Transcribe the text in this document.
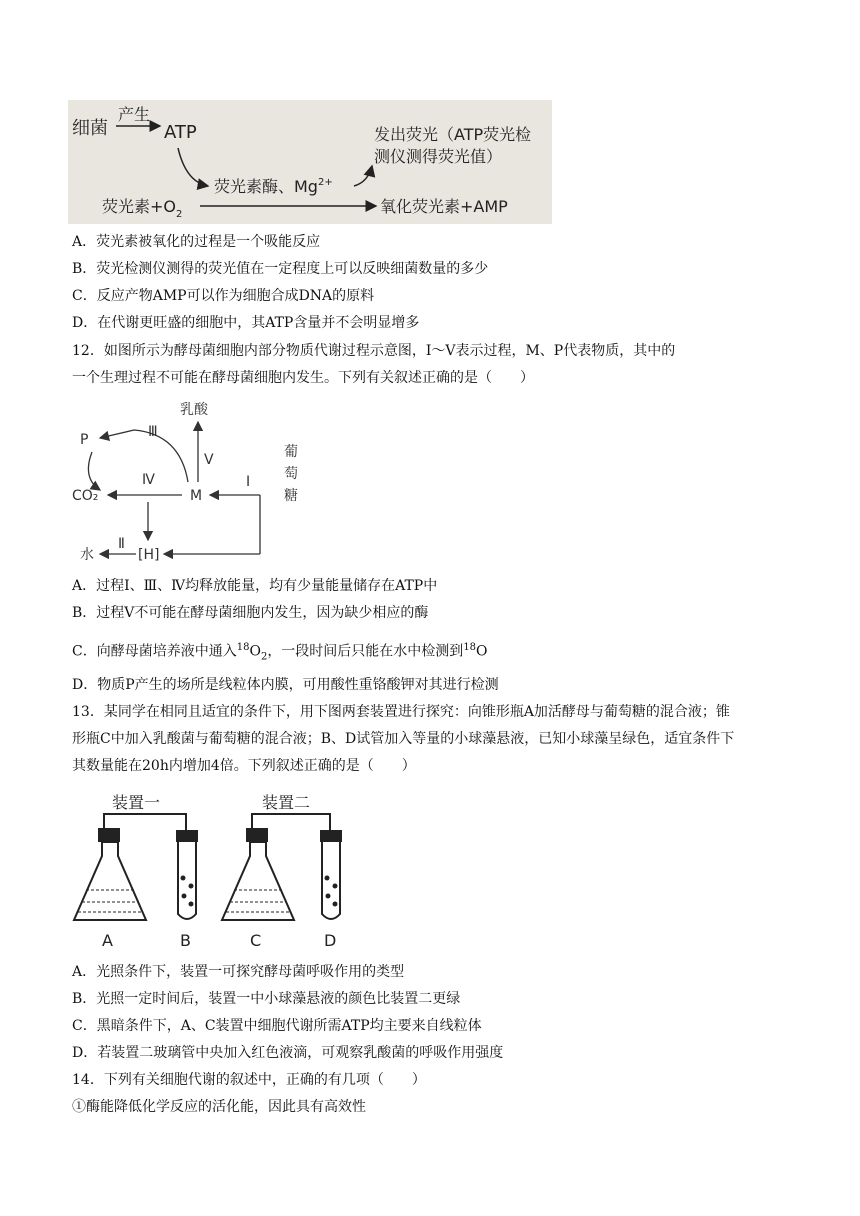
细菌
产生
ATP
荧光素酶、$Mg^{2+}$
发出荧光（ATP荧光检
测仪测得荧光值）
荧光素$+O_2$	氧化荧光素+AMP
A．荧光素被氧化的过程是一个吸能反应
B．荧光检测仪测得的荧光值在一定程度上可以反映细菌数量的多少
C．反应产物AMP可以作为细胞合成DNA的原料
D．在代谢更旺盛的细胞中，其ATP含量并不会明显增多
12．如图所示为酵母菌细胞内部分物质代谢过程示意图，Ⅰ～Ⅴ表示过程，M、P代表物质，其中的
一个生理过程不可能在酵母菌细胞内发生。下列有关叙述正确的是（　　）
乳酸
P	Ⅲ
Ⅴ
Ⅳ
CO₂	M
Ⅰ
葡
萄
糖
Ⅱ
[H]
水
A．过程Ⅰ、Ⅲ、Ⅳ均释放能量，均有少量能量储存在ATP中
B．过程Ⅴ不可能在酵母菌细胞内发生，因为缺少相应的酶
C．向酵母菌培养液中通入$^{18}O_2$，一段时间后只能在水中检测到$^{18}$O
D．物质P产生的场所是线粒体内膜，可用酸性重铬酸钾对其进行检测
13．某同学在相同且适宜的条件下，用下图两套装置进行探究：向锥形瓶A加活酵母与葡萄糖的混合液；锥
形瓶C中加入乳酸菌与葡萄糖的混合液；B、D试管加入等量的小球藻悬液，已知小球藻呈绿色，适宜条件下
其数量能在20h内增加4倍。下列叙述正确的是（　　）
装置一
A	B
装置二
C	D
A．光照条件下，装置一可探究酵母菌呼吸作用的类型
B．光照一定时间后，装置一中小球藻悬液的颜色比装置二更绿
C．黑暗条件下，A、C装置中细胞代谢所需ATP均主要来自线粒体
D．若装置二玻璃管中央加入红色液滴，可观察乳酸菌的呼吸作用强度
14．下列有关细胞代谢的叙述中，正确的有几项（　　）
①酶能降低化学反应的活化能，因此具有高效性
